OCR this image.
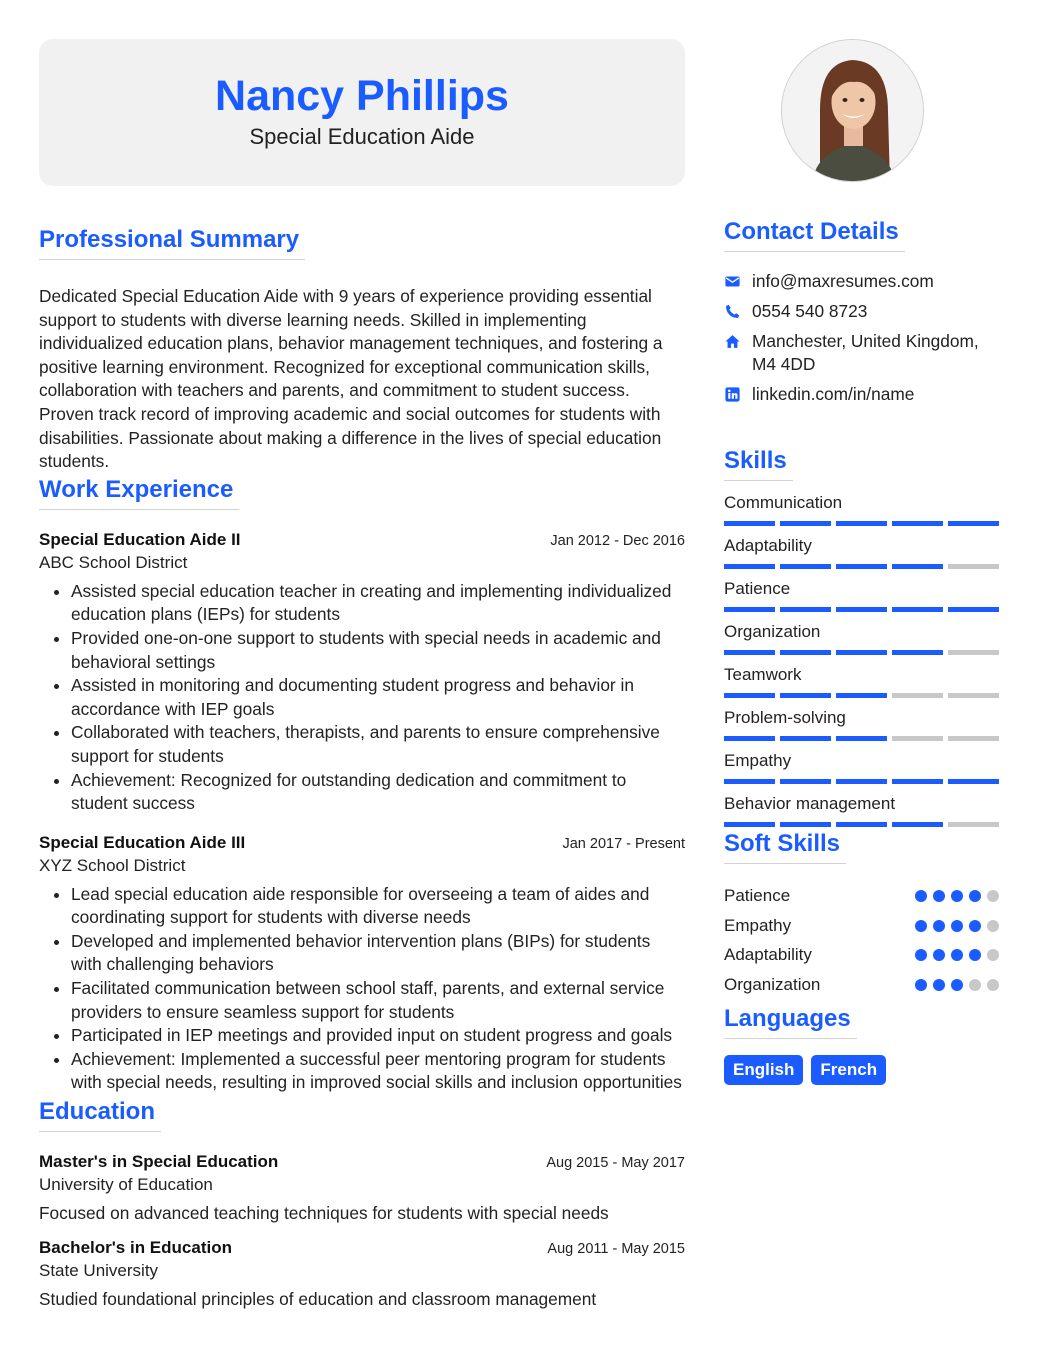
Nancy Phillips
Special Education Aide
Professional Summary

Dedicated Special Education Aide with 9 years of experience providing essential support to students with diverse learning needs. Skilled in implementing individualized education plans, behavior management techniques, and fostering a positive learning environment. Recognized for exceptional communication skills, collaboration with teachers and parents, and commitment to student success. Proven track record of improving academic and social outcomes for students with disabilities. Passionate about making a difference in the lives of special education students.

Work Experience
Special Education Aide II	Jan 2012 - Dec 2016
ABC School District
• Assisted special education teacher in creating and implementing individualized education plans (IEPs) for students
• Provided one-on-one support to students with special needs in academic and behavioral settings
• Assisted in monitoring and documenting student progress and behavior in accordance with IEP goals
• Collaborated with teachers, therapists, and parents to ensure comprehensive support for students
• Achievement: Recognized for outstanding dedication and commitment to student success
Special Education Aide III	Jan 2017 - Present
XYZ School District
• Lead special education aide responsible for overseeing a team of aides and coordinating support for students with diverse needs
• Developed and implemented behavior intervention plans (BIPs) for students with challenging behaviors
• Facilitated communication between school staff, parents, and external service providers to ensure seamless support for students
• Participated in IEP meetings and provided input on student progress and goals
• Achievement: Implemented a successful peer mentoring program for students with special needs, resulting in improved social skills and inclusion opportunities
Education
Master's in Special Education	Aug 2015 - May 2017
University of Education
Focused on advanced teaching techniques for students with special needs
Bachelor's in Education	Aug 2011 - May 2015
State University
Studied foundational principles of education and classroom management
Contact Details
info@maxresumes.com
0554 540 8723
Manchester, United Kingdom, M4 4DD
linkedin.com/in/name
Skills
Communication
Adaptability
Patience
Organization
Teamwork
Problem-solving
Empathy
Behavior management
Soft Skills
Patience
Empathy
Adaptability
Organization
Languages
English	French
